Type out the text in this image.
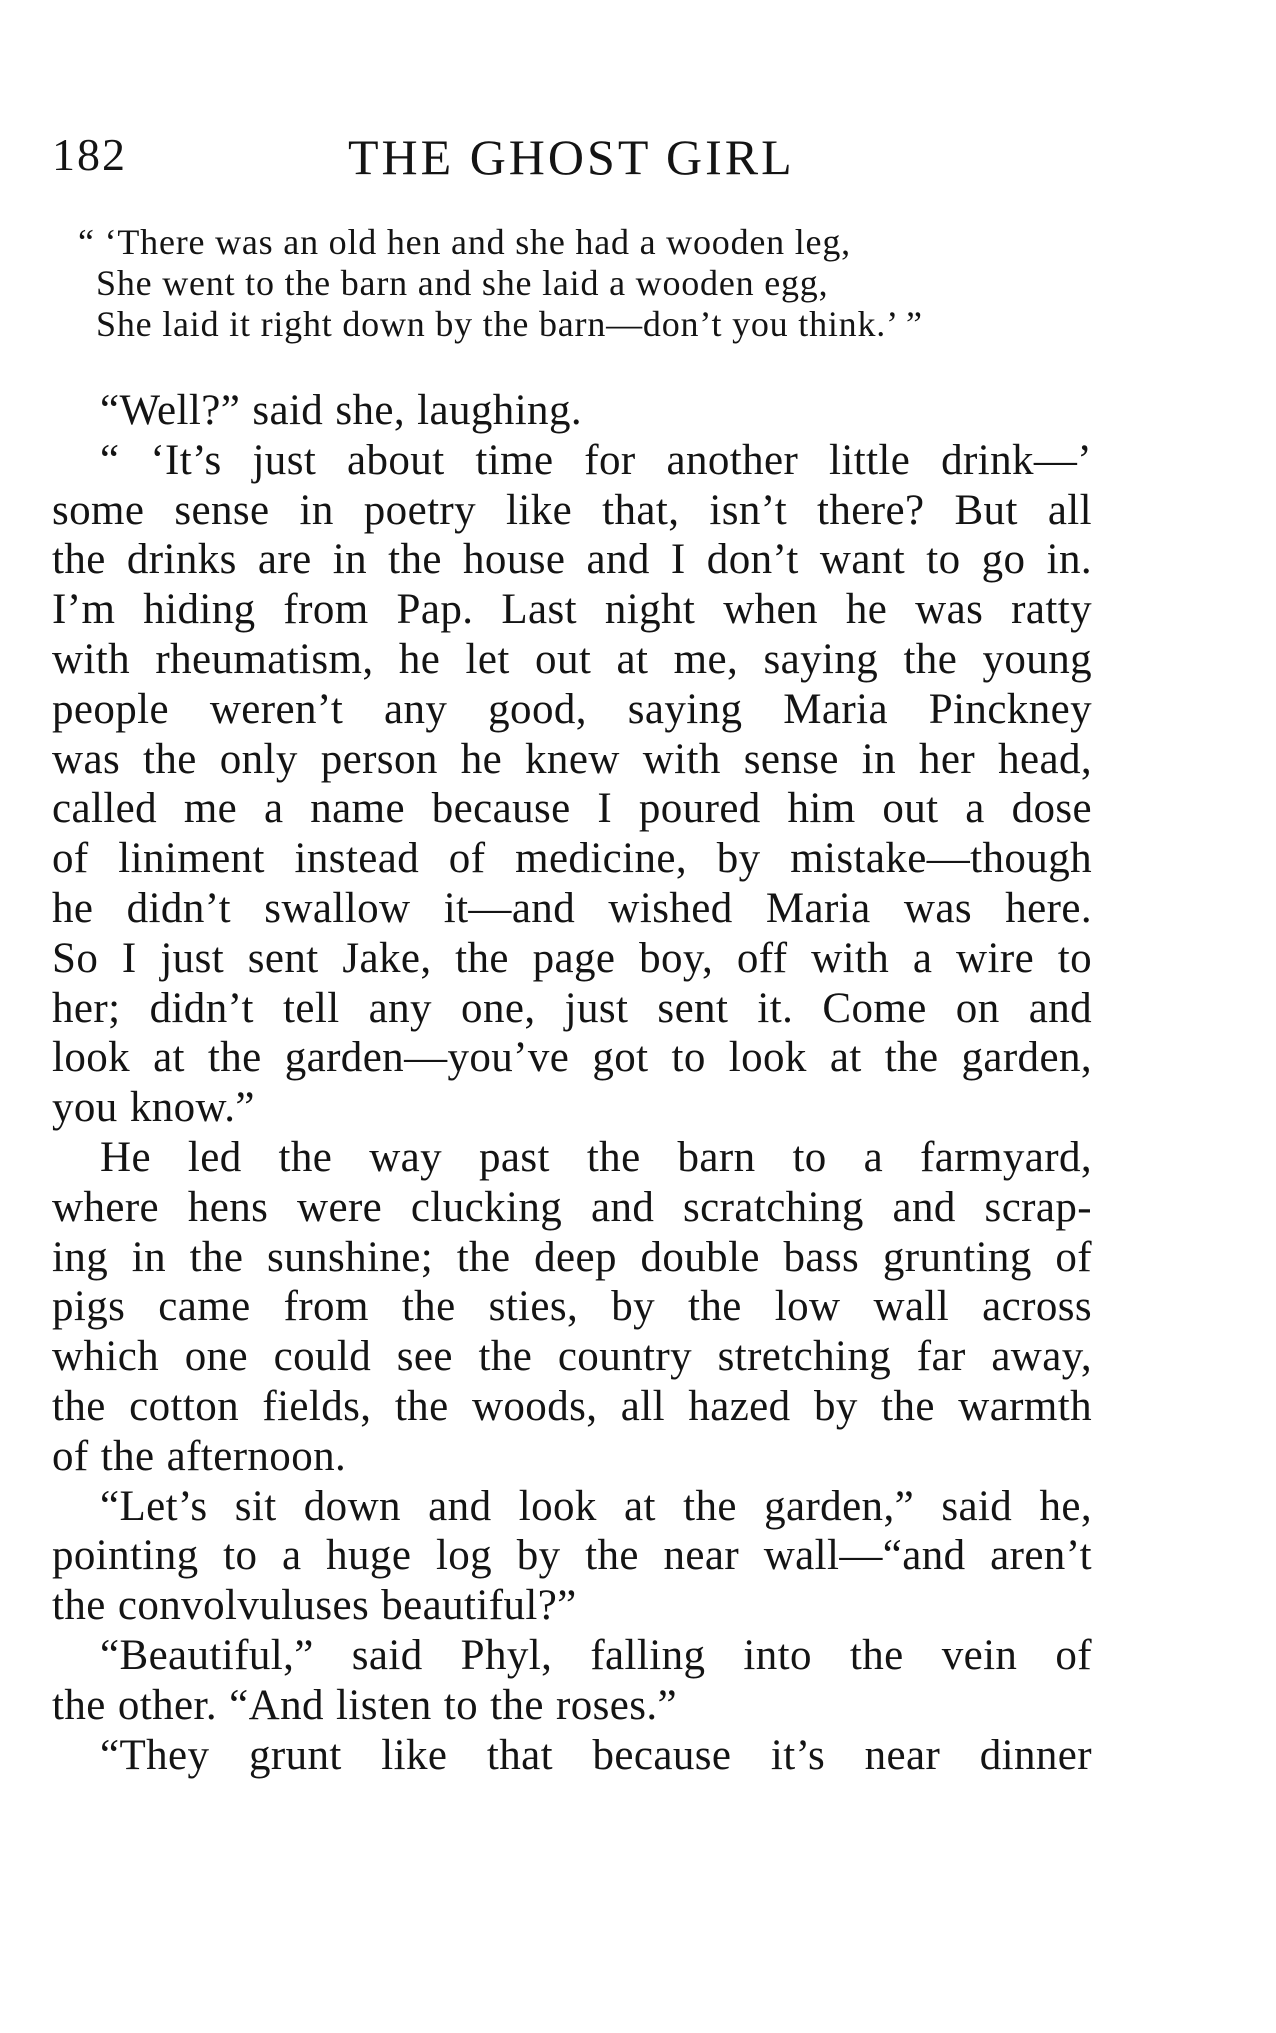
182	THE GHOST GIRL
“ ‘There was an old hen and she had a wooden leg,
She went to the barn and she laid a wooden egg,
She laid it right down by the barn—don’t you think.’ ”
“Well?” said she, laughing.
“ ‘It’s just about time for another little drink—’
some sense in poetry like that, isn’t there? But all
the drinks are in the house and I don’t want to go in.
I’m hiding from Pap. Last night when he was ratty
with rheumatism, he let out at me, saying the young
people weren’t any good, saying Maria Pinckney
was the only person he knew with sense in her head,
called me a name because I poured him out a dose
of liniment instead of medicine, by mistake—though
he didn’t swallow it—and wished Maria was here.
So I just sent Jake, the page boy, off with a wire to
her; didn’t tell any one, just sent it. Come on and
look at the garden—you’ve got to look at the garden,
you know.”
He led the way past the barn to a farmyard,
where hens were clucking and scratching and scrap-
ing in the sunshine; the deep double bass grunting of
pigs came from the sties, by the low wall across
which one could see the country stretching far away,
the cotton fields, the woods, all hazed by the warmth
of the afternoon.
“Let’s sit down and look at the garden,” said he,
pointing to a huge log by the near wall—“and aren’t
the convolvuluses beautiful?”
“Beautiful,” said Phyl, falling into the vein of
the other. “And listen to the roses.”
“They grunt like that because it’s near dinner
